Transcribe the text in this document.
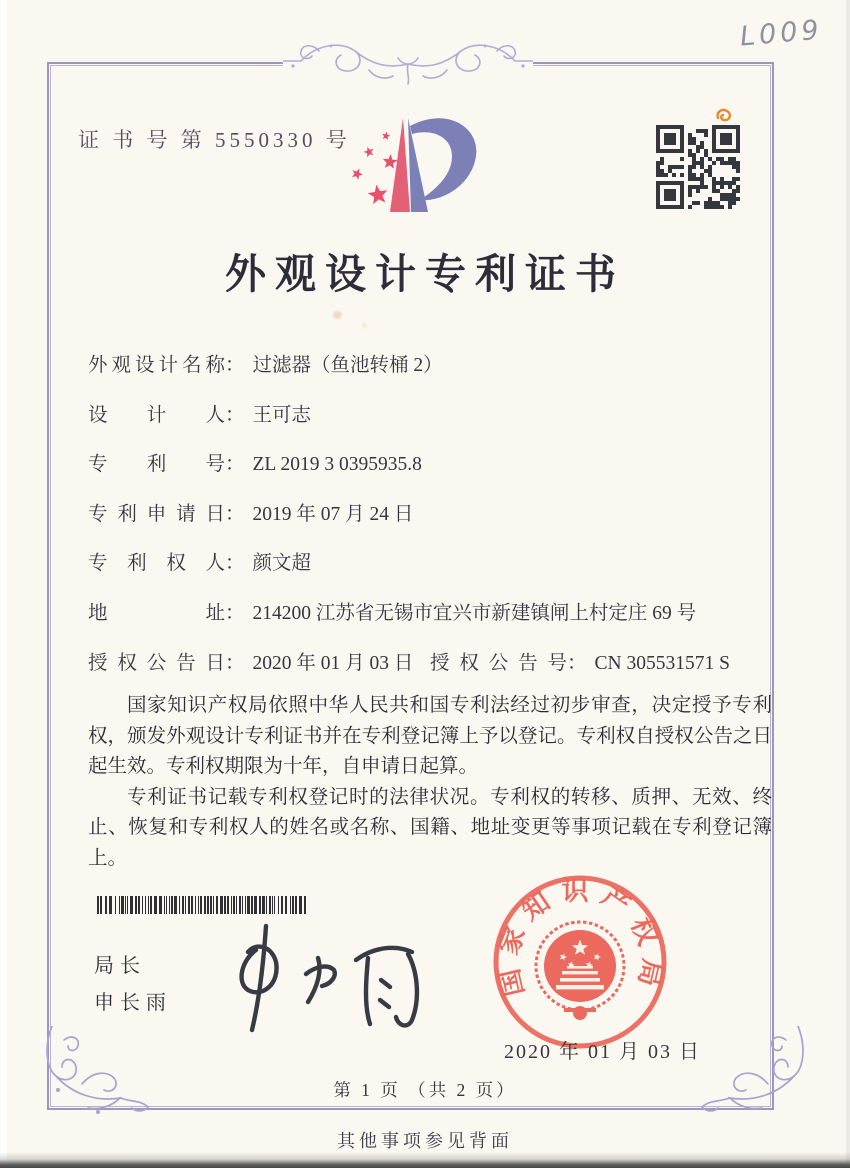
L009
证 书 号 第 5550330 号
外观设计专利证书
外观设计名称： 过滤器（鱼池转桶 2）
设计人： 王可志
专利号： ZL 2019 3 0395935.8
专利申请日： 2019 年 07 月 24 日
专利权人： 颜文超
地址： 214200 江苏省无锡市宜兴市新建镇闸上村定庄 69 号
授权公告日： 2020 年 01 月 03 日 授权公告号： CN 305531571 S

国家知识产权局依照中华人民共和国专利法经过初步审查，决定授予专利权，颁发外观设计专利证书并在专利登记簿上予以登记。专利权自授权公告之日起生效。专利权期限为十年，自申请日起算。

专利证书记载专利权登记时的法律状况。专利权的转移、质押、无效、终止、恢复和专利权人的姓名或名称、国籍、地址变更等事项记载在专利登记簿上。

局长
申长雨
国家知识产权局
2020 年 01 月 03 日
第 1 页 （共 2 页）
其他事项参见背面
